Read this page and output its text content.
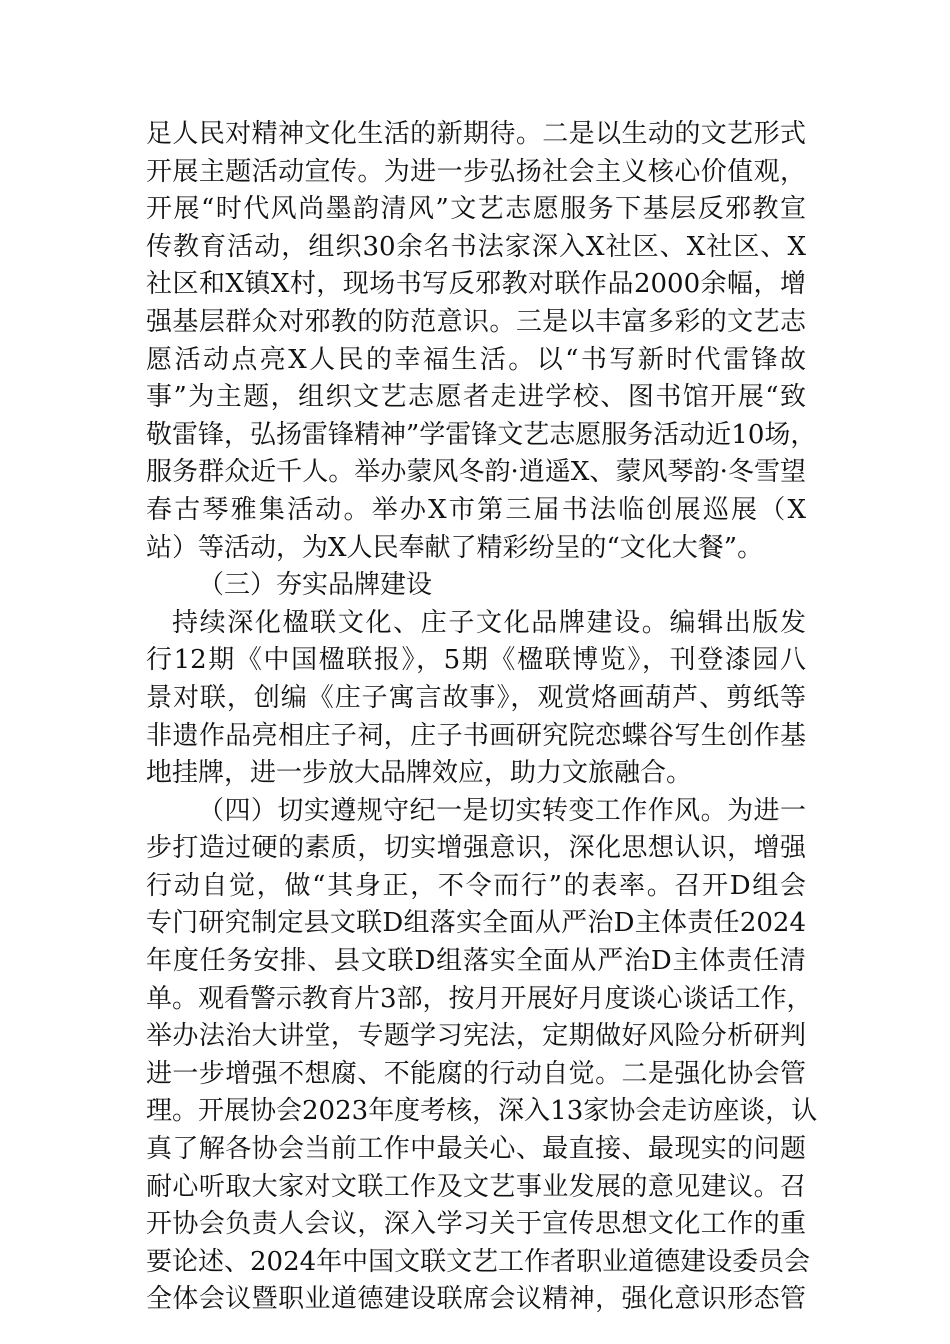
足人民对精神文化生活的新期待。二是以生动的文艺形式
开展主题活动宣传。为进一步弘扬社会主义核心价值观，
开展“时代风尚墨韵清风”文艺志愿服务下基层反邪教宣
传教育活动，组织30余名书法家深入X社区、X社区、X
社区和X镇X村，现场书写反邪教对联作品2000余幅，增
强基层群众对邪教的防范意识。三是以丰富多彩的文艺志
愿活动点亮X人民的幸福生活。以“书写新时代雷锋故
事”为主题，组织文艺志愿者走进学校、图书馆开展“致
敬雷锋，弘扬雷锋精神”学雷锋文艺志愿服务活动近10场，
服务群众近千人。举办蒙风冬韵·逍遥X、蒙风琴韵·冬雪望
春古琴雅集活动。举办X市第三届书法临创展巡展（X
站）等活动，为X人民奉献了精彩纷呈的“文化大餐”。
（三）夯实品牌建设
持续深化楹联文化、庄子文化品牌建设。编辑出版发
行12期《中国楹联报》，5期《楹联博览》，刊登漆园八
景对联，创编《庄子寓言故事》，观赏烙画葫芦、剪纸等
非遗作品亮相庄子祠，庄子书画研究院恋蝶谷写生创作基
地挂牌，进一步放大品牌效应，助力文旅融合。
（四）切实遵规守纪一是切实转变工作作风。为进一
步打造过硬的素质，切实增强意识，深化思想认识，增强
行动自觉，做“其身正，不令而行”的表率。召开D组会
专门研究制定县文联D组落实全面从严治D主体责任2024
年度任务安排、县文联D组落实全面从严治D主体责任清
单。观看警示教育片3部，按月开展好月度谈心谈话工作，
举办法治大讲堂，专题学习宪法，定期做好风险分析研判
进一步增强不想腐、不能腐的行动自觉。二是强化协会管
理。开展协会2023年度考核，深入13家协会走访座谈，认
真了解各协会当前工作中最关心、最直接、最现实的问题
耐心听取大家对文联工作及文艺事业发展的意见建议。召
开协会负责人会议，深入学习关于宣传思想文化工作的重
要论述、2024年中国文联文艺工作者职业道德建设委员会
全体会议暨职业道德建设联席会议精神，强化意识形态管
